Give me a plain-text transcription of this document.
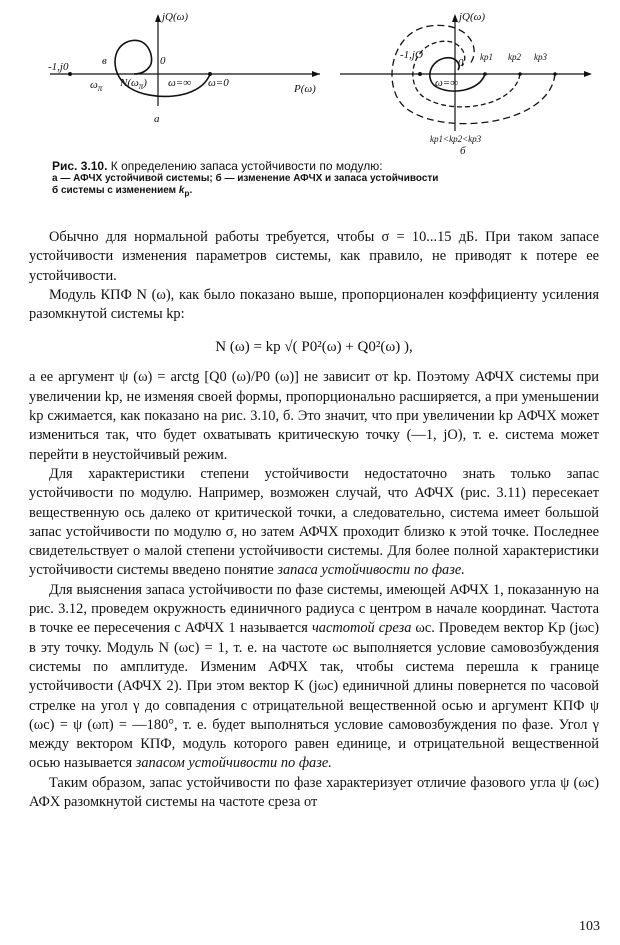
jQ(ω)
P(ω)
-1,j0	в	0
$\omega_\pi$ $N(\omega_\pi)$ ω=∞ ω=0
а
jQ(ω)
-1,jO
0
ω=∞
kp1 kp2 kp3
kp1<kp2<kp3
б
Рис. 3.10. К определению запаса устойчивости по модулю:
а — АФЧХ устойчивой системы; б — изменение АФЧХ и запаса устойчивости
б системы с изменением $k_p$.

Обычно для нормальной работы требуется, чтобы σ = 10...15 дБ. При таком запасе устойчивости изменения параметров системы, как правило, не приводят к потере ее устойчивости.

Модуль КПФ N (ω), как было показано выше, пропорционален коэффициенту усиления разомкнутой системы kр:

N (ω) = kр √( P0²(ω) + Q0²(ω) ),

а ее аргумент ψ (ω) = arctg [Q0 (ω)/P0 (ω)] не зависит от kр. Поэтому АФЧХ системы при увеличении kр, не изменяя своей формы, пропорционально расширяется, а при уменьшении kр сжимается, как показано на рис. 3.10, б. Это значит, что при увеличении kр АФЧХ может измениться так, что будет охватывать критическую точку (—1, jO), т. е. система может перейти в неустойчивый режим.

Для характеристики степени устойчивости недостаточно знать только запас устойчивости по модулю. Например, возможен случай, что АФЧХ (рис. 3.11) пересекает вещественную ось далеко от критической точки, а следовательно, система имеет большой запас устойчивости по модулю σ, но затем АФЧХ проходит близко к этой точке. Последнее свидетельствует о малой степени устойчивости системы. Для более полной характеристики устойчивости системы введено понятие запаса устойчивости по фазе.

Для выяснения запаса устойчивости по фазе системы, имеющей АФЧХ 1, показанную на рис. 3.12, проведем окружность единичного радиуса с центром в начале координат. Частота в точке ее пересечения с АФЧХ 1 называется частотой среза ωс. Проведем вектор Kр (jωс) в эту точку. Модуль N (ωс) = 1, т. е. на частоте ωс выполняется условие самовозбуждения системы по амплитуде. Изменим АФЧХ так, чтобы система перешла к границе устойчивости (АФЧХ 2). При этом вектор K (jωс) единичной длины повернется по часовой стрелке на угол γ до совпадения с отрицательной вещественной осью и аргумент КПФ ψ (ωс) = ψ (ωπ) = —180°, т. е. будет выполняться условие самовозбуждения по фазе. Угол γ между вектором КПФ, модуль которого равен единице, и отрицательной вещественной осью называется запасом устойчивости по фазе.

Таким образом, запас устойчивости по фазе характеризует отличие фазового угла ψ (ωс) АФХ разомкнутой системы на частоте среза от

103
